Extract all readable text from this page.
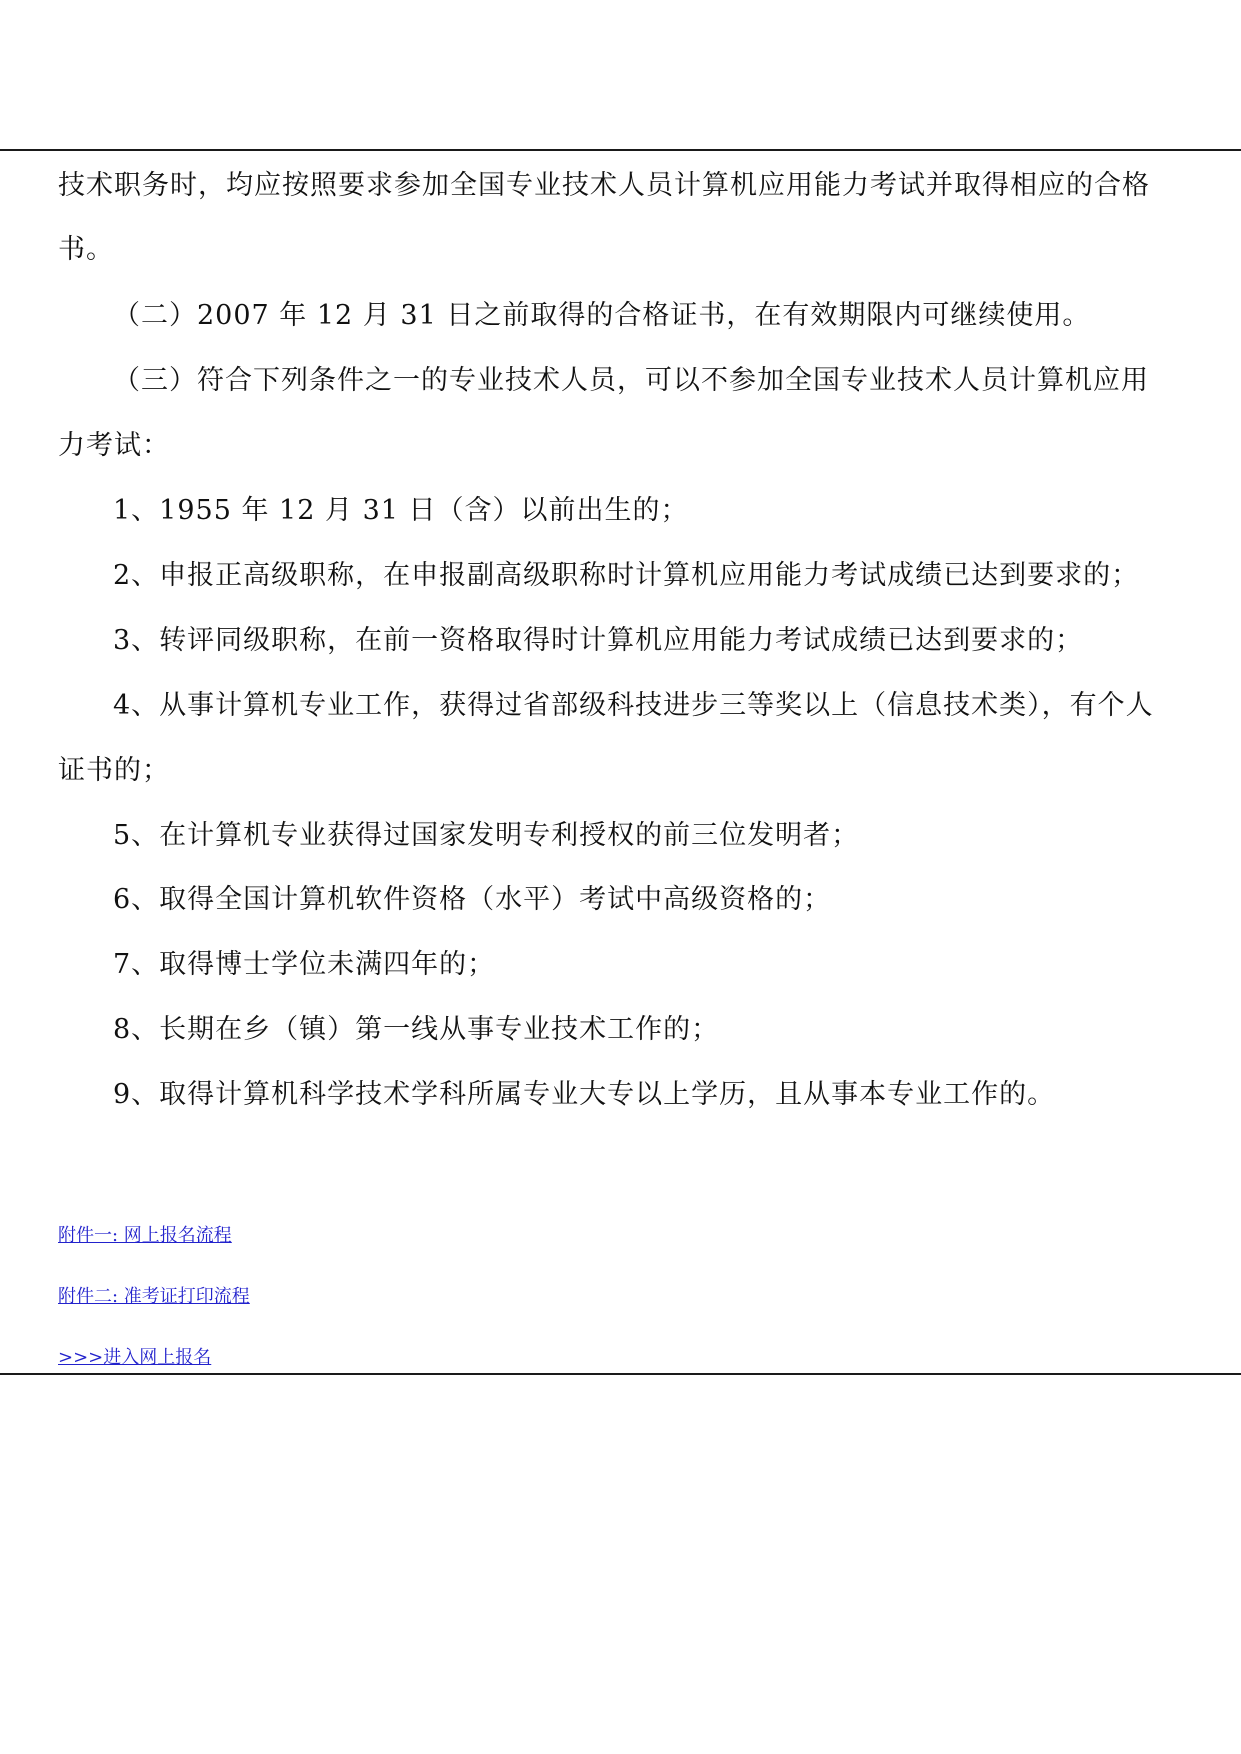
技术职务时，均应按照要求参加全国专业技术人员计算机应用能力考试并取得相应的合格
书。
（二）2007 年 12 月 31 日之前取得的合格证书，在有效期限内可继续使用。
（三）符合下列条件之一的专业技术人员，可以不参加全国专业技术人员计算机应用
力考试：
1、1955 年 12 月 31 日（含）以前出生的；
2、申报正高级职称，在申报副高级职称时计算机应用能力考试成绩已达到要求的；
3、转评同级职称，在前一资格取得时计算机应用能力考试成绩已达到要求的；
4、从事计算机专业工作，获得过省部级科技进步三等奖以上（信息技术类），有个人
证书的；
5、在计算机专业获得过国家发明专利授权的前三位发明者；
6、取得全国计算机软件资格（水平）考试中高级资格的；
7、取得博士学位未满四年的；
8、长期在乡（镇）第一线从事专业技术工作的；
9、取得计算机科学技术学科所属专业大专以上学历，且从事本专业工作的。
附件一: 网上报名流程
附件二: 准考证打印流程
>>>进入网上报名
